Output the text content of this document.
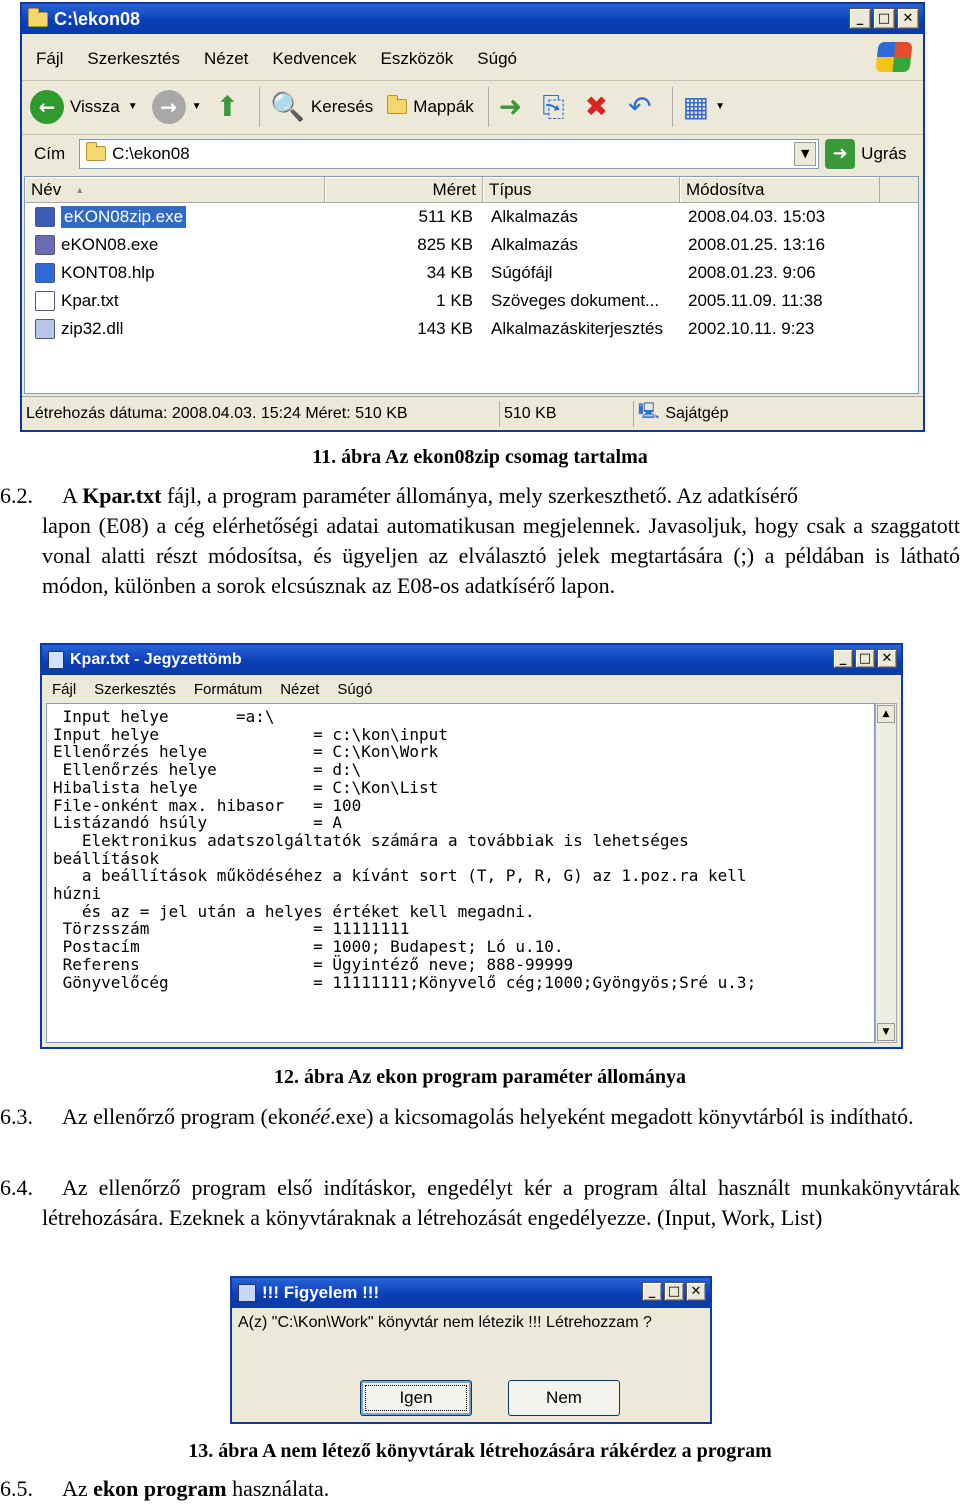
C:\ekon08	_	□ ✕
Fájl Szerkesztés Nézet Kedvencek Eszközök Súgó
← Vissza ▼	→	▼ ⬆ 🔍 Keresés Mappák ➜ ⎘ ✖ ↶ ▦ ▼
Cím	C:\ekon08	▼	➜ Ugrás
Név ▲	Méret Típus	Módosítva
eKON08zip.exe	511 KB	Alkalmazás	2008.04.03. 15:03
eKON08.exe	825 KB	Alkalmazás	2008.01.25. 13:16
KONT08.hlp	34 KB	Súgófájl	2008.01.23. 9:06
Kpar.txt	1 KB	Szöveges dokument...	2005.11.09. 11:38
zip32.dll	143 KB	Alkalmazáskiterjesztés	2002.10.11. 9:23
Létrehozás dátuma: 2008.04.03. 15:24 Méret: 510 KB	510 KB	🖳 Sajátgép
11. ábra Az ekon08zip csomag tartalma
6.2. A Kpar.txt fájl, a program paraméter állománya, mely szerkeszthető. Az adatkísérő
lapon (E08) a cég elérhetőségi adatai automatikusan megjelennek. Javasoljuk, hogy csak a szaggatott vonal alatti részt módosítsa, és ügyeljen az elválasztó jelek megtartására (;) a példában is látható módon, különben a sorok elcsúsznak az E08-os adatkísérő lapon.
Kpar.txt - Jegyzettömb	_ □ ✕
Fájl Szerkesztés Formátum Nézet Súgó
Input helye       =a:\
Input helye                = c:\kon\input
Ellenőrzés helye           = C:\Kon\Work
Ellenőrzés helye          = d:\
Hibalista helye            = C:\Kon\List
File-onként max. hibasor   = 100
Listázandó hsúly           = A
Elektronikus adatszolgáltatók számára a továbbiak is lehetséges
beállítások
a beállítások működéséhez a kívánt sort (T, P, R, G) az 1.poz.ra kell
húzni
és az = jel után a helyes értéket kell megadni.
Törzsszám                 = 11111111
Postacím                  = 1000; Budapest; Ló u.10.
Referens                  = Ügyintéző neve; 888-99999
Gönyvelőcég               = 11111111;Könyvelő cég;1000;Gyöngyös;Sré u.3;
▲
▼
12. ábra Az ekon program paraméter állománya
6.3. Az ellenőrző program (ekonéé.exe) a kicsomagolás helyeként megadott könyvtárból is indítható.
6.4. Az ellenőrző program első indításkor, engedélyt kér a program által használt munkakönyvtárak létrehozására. Ezeknek a könyvtáraknak a létrehozását engedélyezze. (Input, Work, List)
!!! Figyelem !!!	_ □ ✕
A(z) "C:\Kon\Work" könyvtár nem létezik !!! Létrehozzam ?
Igen	Nem
13. ábra A nem létező könyvtárak létrehozására rákérdez a program
6.5. Az ekon program használata.
